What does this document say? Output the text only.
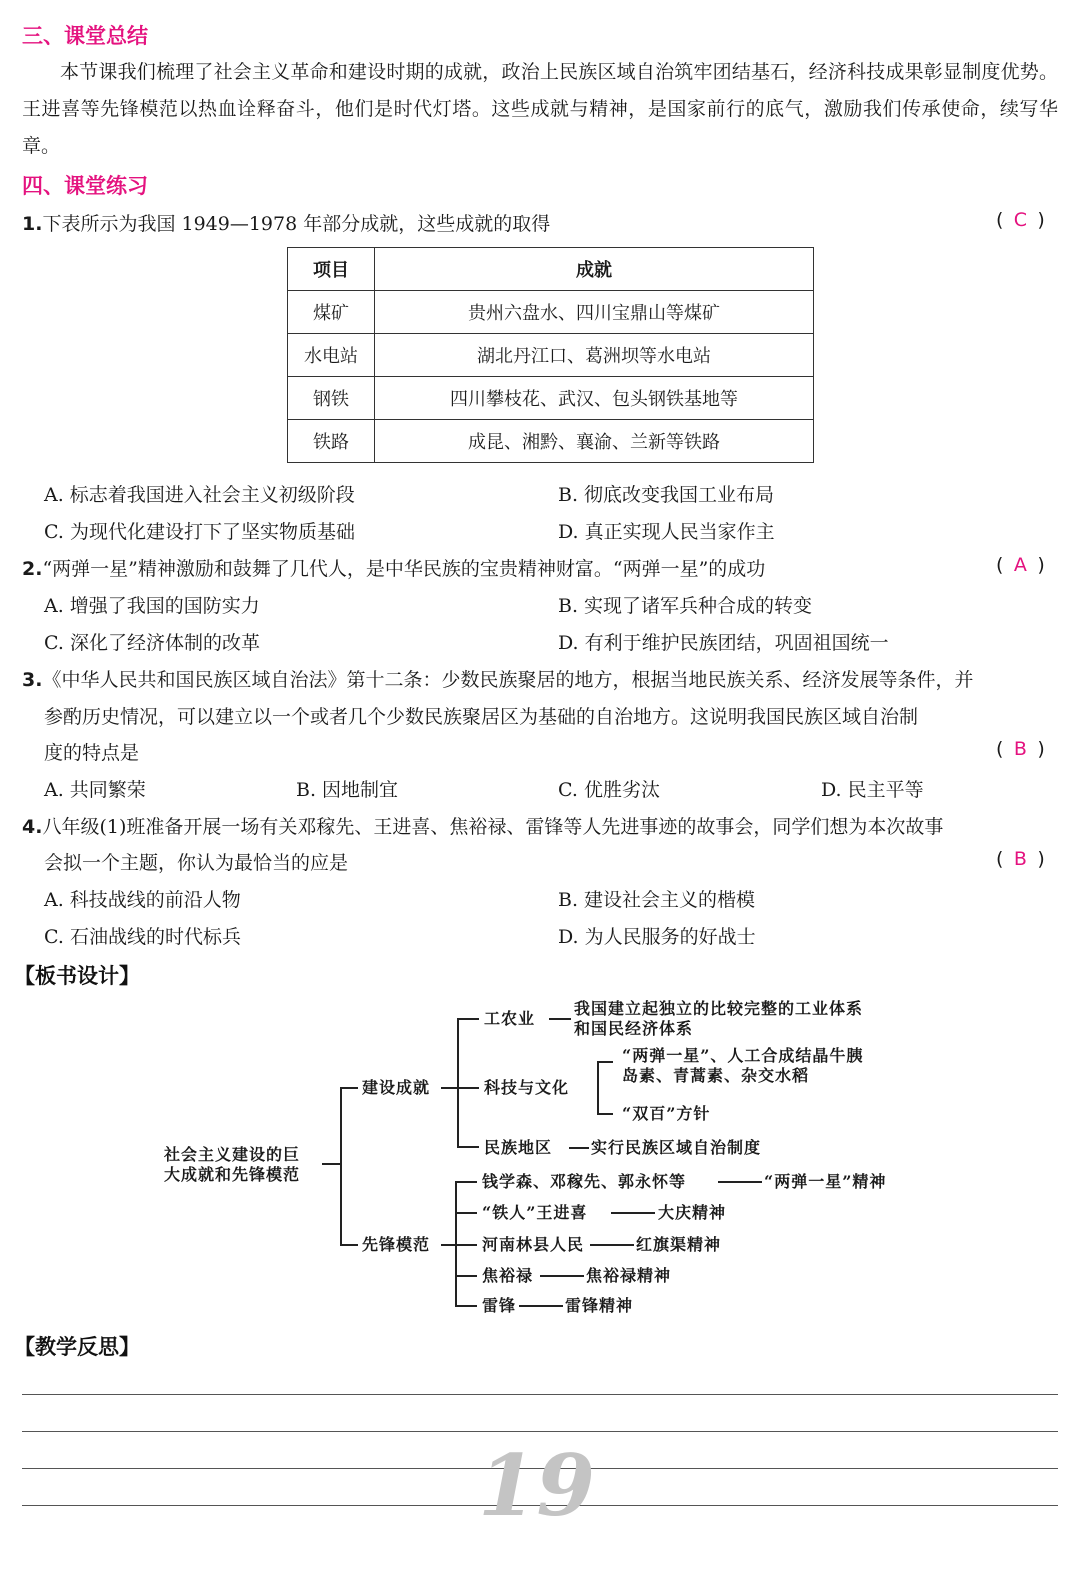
三、课堂总结
本节课我们梳理了社会主义革命和建设时期的成就，政治上民族区域自治筑牢团结基石，经济科技成果彰显制度优势。王进喜等先锋模范以热血诠释奋斗，他们是时代灯塔。这些成就与精神，是国家前行的底气，激励我们传承使命，续写华章。
四、课堂练习
1.下表所示为我国 1949—1978 年部分成就，这些成就的取得	( C )
项目	成就
煤矿	贵州六盘水、四川宝鼎山等煤矿
水电站	湖北丹江口、葛洲坝等水电站
钢铁	四川攀枝花、武汉、包头钢铁基地等
铁路	成昆、湘黔、襄渝、兰新等铁路
A. 标志着我国进入社会主义初级阶段	B. 彻底改变我国工业布局
C. 为现代化建设打下了坚实物质基础	D. 真正实现人民当家作主
2.“两弹一星”精神激励和鼓舞了几代人，是中华民族的宝贵精神财富。“两弹一星”的成功	( A )
A. 增强了我国的国防实力	B. 实现了诸军兵种合成的转变
C. 深化了经济体制的改革	D. 有利于维护民族团结，巩固祖国统一
3.《中华人民共和国民族区域自治法》第十二条：少数民族聚居的地方，根据当地民族关系、经济发展等条件，并
参酌历史情况，可以建立以一个或者几个少数民族聚居区为基础的自治地方。这说明我国民族区域自治制
度的特点是	( B )
A. 共同繁荣	B. 因地制宜	C. 优胜劣汰	D. 民主平等
4.八年级(1)班准备开展一场有关邓稼先、王进喜、焦裕禄、雷锋等人先进事迹的故事会，同学们想为本次故事
会拟一个主题，你认为最恰当的应是	( B )
A. 科技战线的前沿人物	B. 建设社会主义的楷模
C. 石油战线的时代标兵	D. 为人民服务的好战士
【板书设计】
社会主义建设的巨
大成就和先锋模范
建设成就
工农业
我国建立起独立的比较完整的工业体系
和国民经济体系
科技与文化
“两弹一星”、人工合成结晶牛胰
岛素、青蒿素、杂交水稻
“双百”方针
民族地区 实行民族区域自治制度
先锋模范
钱学森、邓稼先、郭永怀等	“两弹一星”精神
“铁人”王进喜	大庆精神
河南林县人民	红旗渠精神
焦裕禄	焦裕禄精神
雷锋	雷锋精神
【教学反思】
19
